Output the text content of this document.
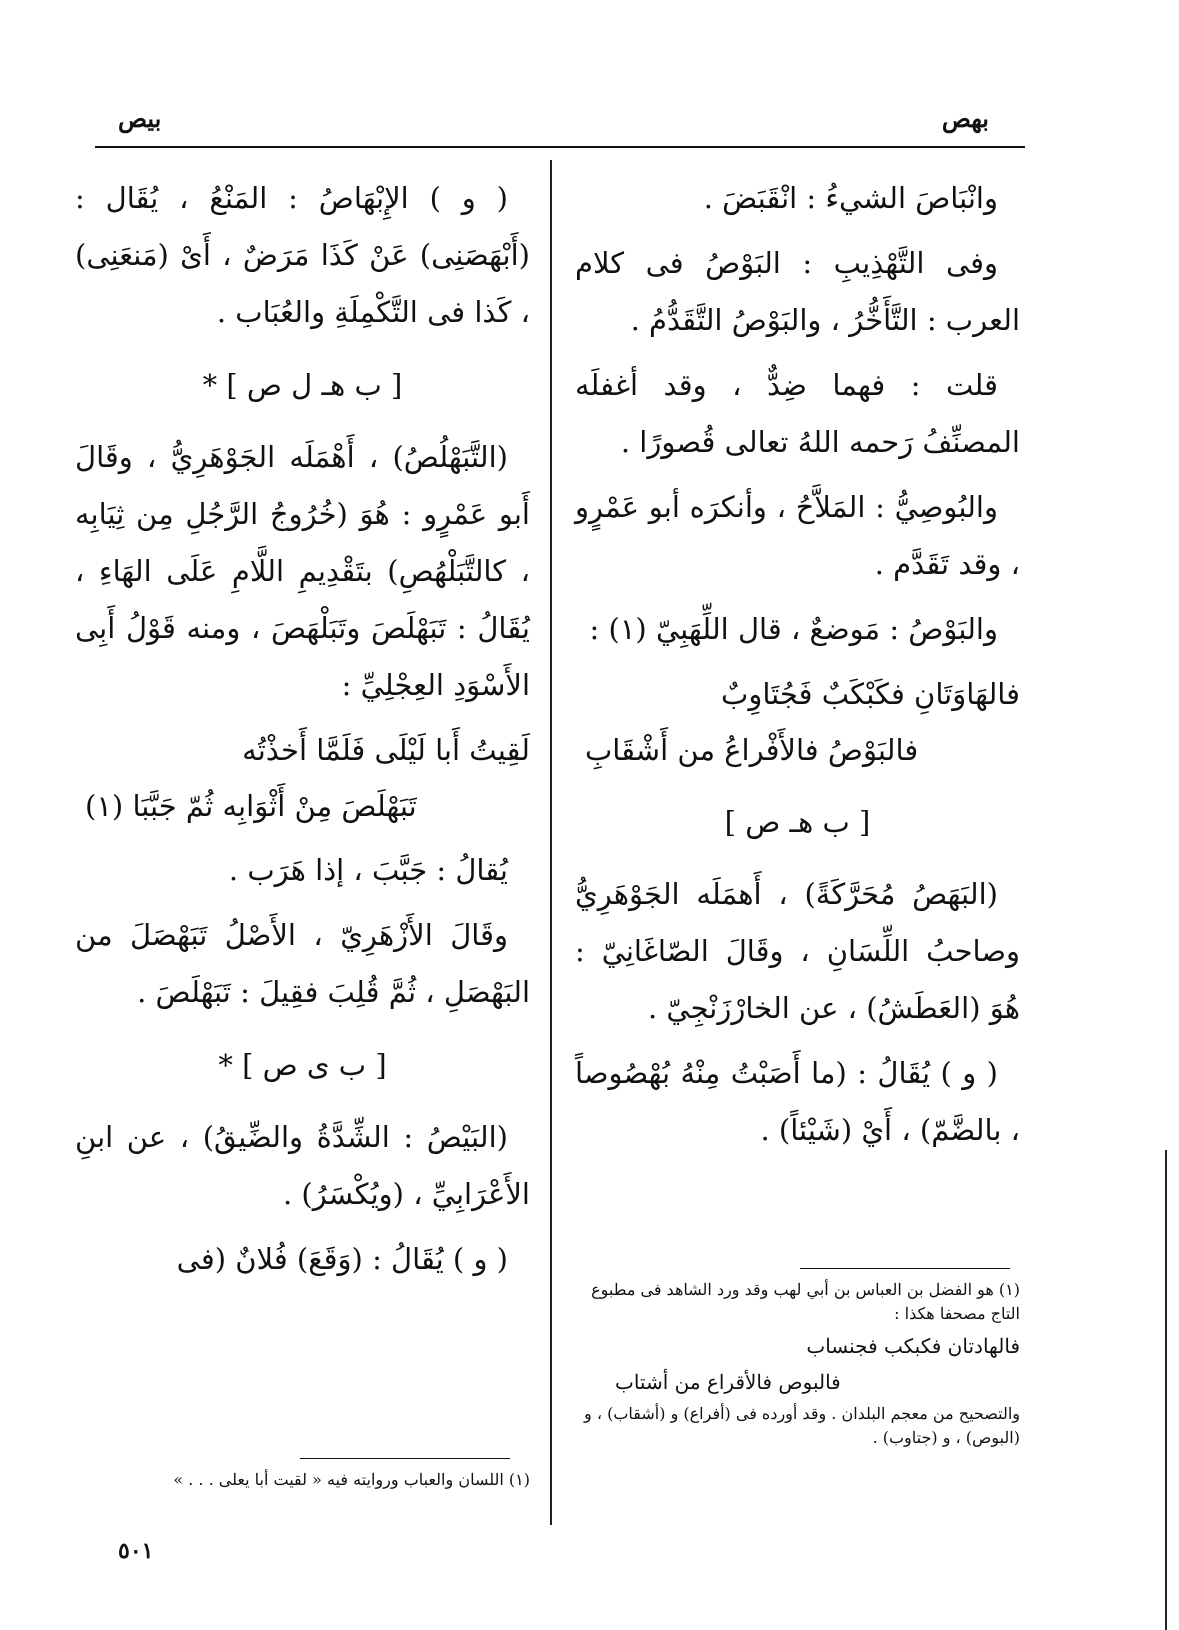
بيص	بهص

وانْبَاصَ الشيءُ : انْقَبَضَ .

وفى التَّهْذِيبِ : البَوْصُ فى كلام العرب : التَّأَخُّرُ ، والبَوْصُ التَّقَدُّمُ .

قلت : فهما ضِدٌّ ، وقد أغفلَه المصنِّفُ رَحمه اللهُ تعالى قُصورًا .

والبُوصِيُّ : المَلاَّحُ ، وأنكرَه أبو عَمْرٍو ، وقد تَقَدَّم .

والبَوْصُ : مَوضعٌ ، قال اللِّهَبِيّ (١) :

فالهَاوَتَانِ فكَبْكَبٌ فَجُتَاوِبٌ

فالبَوْصُ فالأَفْراعُ من أَشْقَابِ

[ ب هـ ص ]

(البَهَصُ مُحَرَّكَةً) ، أَهمَلَه الجَوْهَرِيُّ وصاحبُ اللِّسَانِ ، وقَالَ الصّاغَانِيّ : هُوَ (العَطَشُ) ، عن الخارْزَنْجِيّ .

( و ) يُقَالُ : (ما أَصَبْتُ مِنْهُ بُهْصُوصاً ، بالضَّمّ) ، أَيْ (شَيْئاً) .

( و ) الإِبْهَاصُ : المَنْعُ ، يُقَال : (أَبْهَصَنِى) عَنْ كَذَا مَرَضٌ ، أَىْ (مَنعَنِى) ، كَذا فى التَّكْمِلَةِ والعُبَاب .

[ ب هـ ل ص ] *

(التَّبَهْلُصُ) ، أَهْمَلَه الجَوْهَرِيُّ ، وقَالَ أَبو عَمْرٍو : هُوَ (خُرُوجُ الرَّجُلِ مِن ثِيَابِه ، كالتَّبَلْهُصِ) بتَقْدِيمِ اللَّامِ عَلَى الهَاءِ ، يُقَالُ : تَبَهْلَصَ وتَبَلْهَصَ ، ومنه قَوْلُ أَبِى الأَسْوَدِ العِجْلِيِّ :

لَقِيتُ أَبا لَيْلَى فَلَمَّا أَخذْتُه

تَبَهْلَصَ مِنْ أَثْوَابِه ثُمّ جَبَّبَا (١)

يُقالُ : جَبَّبَ ، إذا هَرَب .

وقَالَ الأَزْهَرِيّ ، الأَصْلُ تَبَهْصَلَ من البَهْصَلِ ، ثُمَّ قُلِبَ فقِيلَ : تَبَهْلَصَ .

[ ب ى ص ] *

(البَيْصُ : الشِّدَّةُ والضِّيقُ) ، عن ابنِ الأَعْرَابِيِّ ، (ويُكْسَرُ) .

( و ) يُقَالُ : (وَقَعَ) فُلانٌ (فى

(١) هو الفضل بن العباس بن أبي لهب وقد ورد الشاهد فى مطبوع التاج مصحفا هكذا :
فالهادتان فكبكب فجنساب
فالبوص فالأقراع من أشتاب
والتصحيح من معجم البلدان . وقد أورده فى (أفراع) و (أشقاب) ، و (البوص) ، و (جتاوب) .
(١) اللسان والعباب وروايته فيه « لقيت أبا يعلى . . . »
٥٠١
